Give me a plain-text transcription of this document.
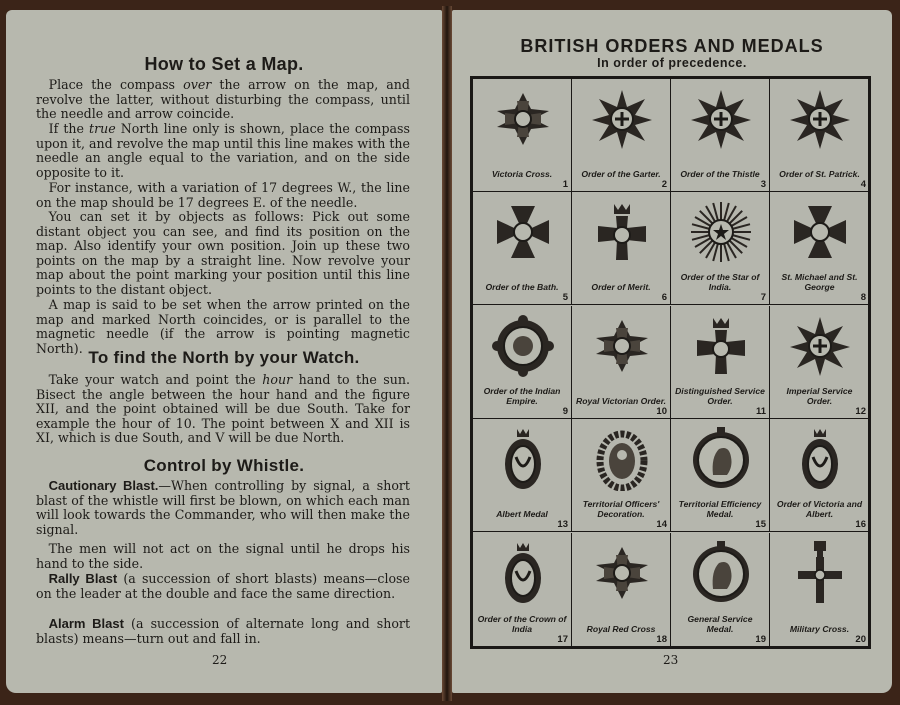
How to Set a Map.

 Place the compass over the arrow on the map, and revolve the latter, without disturbing the compass, until the needle and arrow coincide.

 If the true North line only is shown, place the compass upon it, and revolve the map until this line makes with the needle an angle equal to the variation, and on the side opposite to it.

 For instance, with a variation of 17 degrees W., the line on the map should be 17 degrees E. of the needle.

 You can set it by objects as follows: Pick out some distant object you can see, and find its position on the map. Also identify your own position. Join up these two points on the map by a straight line. Now revolve your map about the point marking your position until this line points to the distant object.

 A map is said to be set when the arrow printed on the map and marked North coincides, or is parallel to the magnetic needle (if the arrow is pointing magnetic North). To find the North by your Watch.

 Take your watch and point the hour hand to the sun. Bisect the angle between the hour hand and the figure XII, and the point obtained will be due South. Take for example the hour of 10. The point between X and XII is XI, which is due South, and V will be due North.

Control by Whistle.

 Cautionary Blast.—When controlling by signal, a short blast of the whistle will first be blown, on which each man will look towards the Commander, who will then make the signal.

 The men will not act on the signal until he drops his hand to the side.

 Rally Blast (a succession of short blasts) means—close on the leader at the double and face the same direction.

 Alarm Blast (a succession of alternate long and short blasts) means—turn out and fall in.

22
BRITISH ORDERS AND MEDALS
In order of precedence.
Victoria Cross.
1
Order of the Garter.
2
Order of the Thistle
3
Order of St. Patrick.
4
Order of the Bath.
5
Order of Merit.
6
Order of the Star of India.
7
St. Michael and St. George
8
Order of the Indian Empire.
9
Royal Victorian Order.
10
Distinguished Service Order.
11
Imperial Service Order.
12
Albert Medal
13
Territorial Officers' Decoration.
14
Territorial Efficiency Medal.
15
Order of Victoria and Albert.
16
Order of the Crown of India
17
Royal Red Cross
18
General Service Medal.
19
Military Cross.
20
23
